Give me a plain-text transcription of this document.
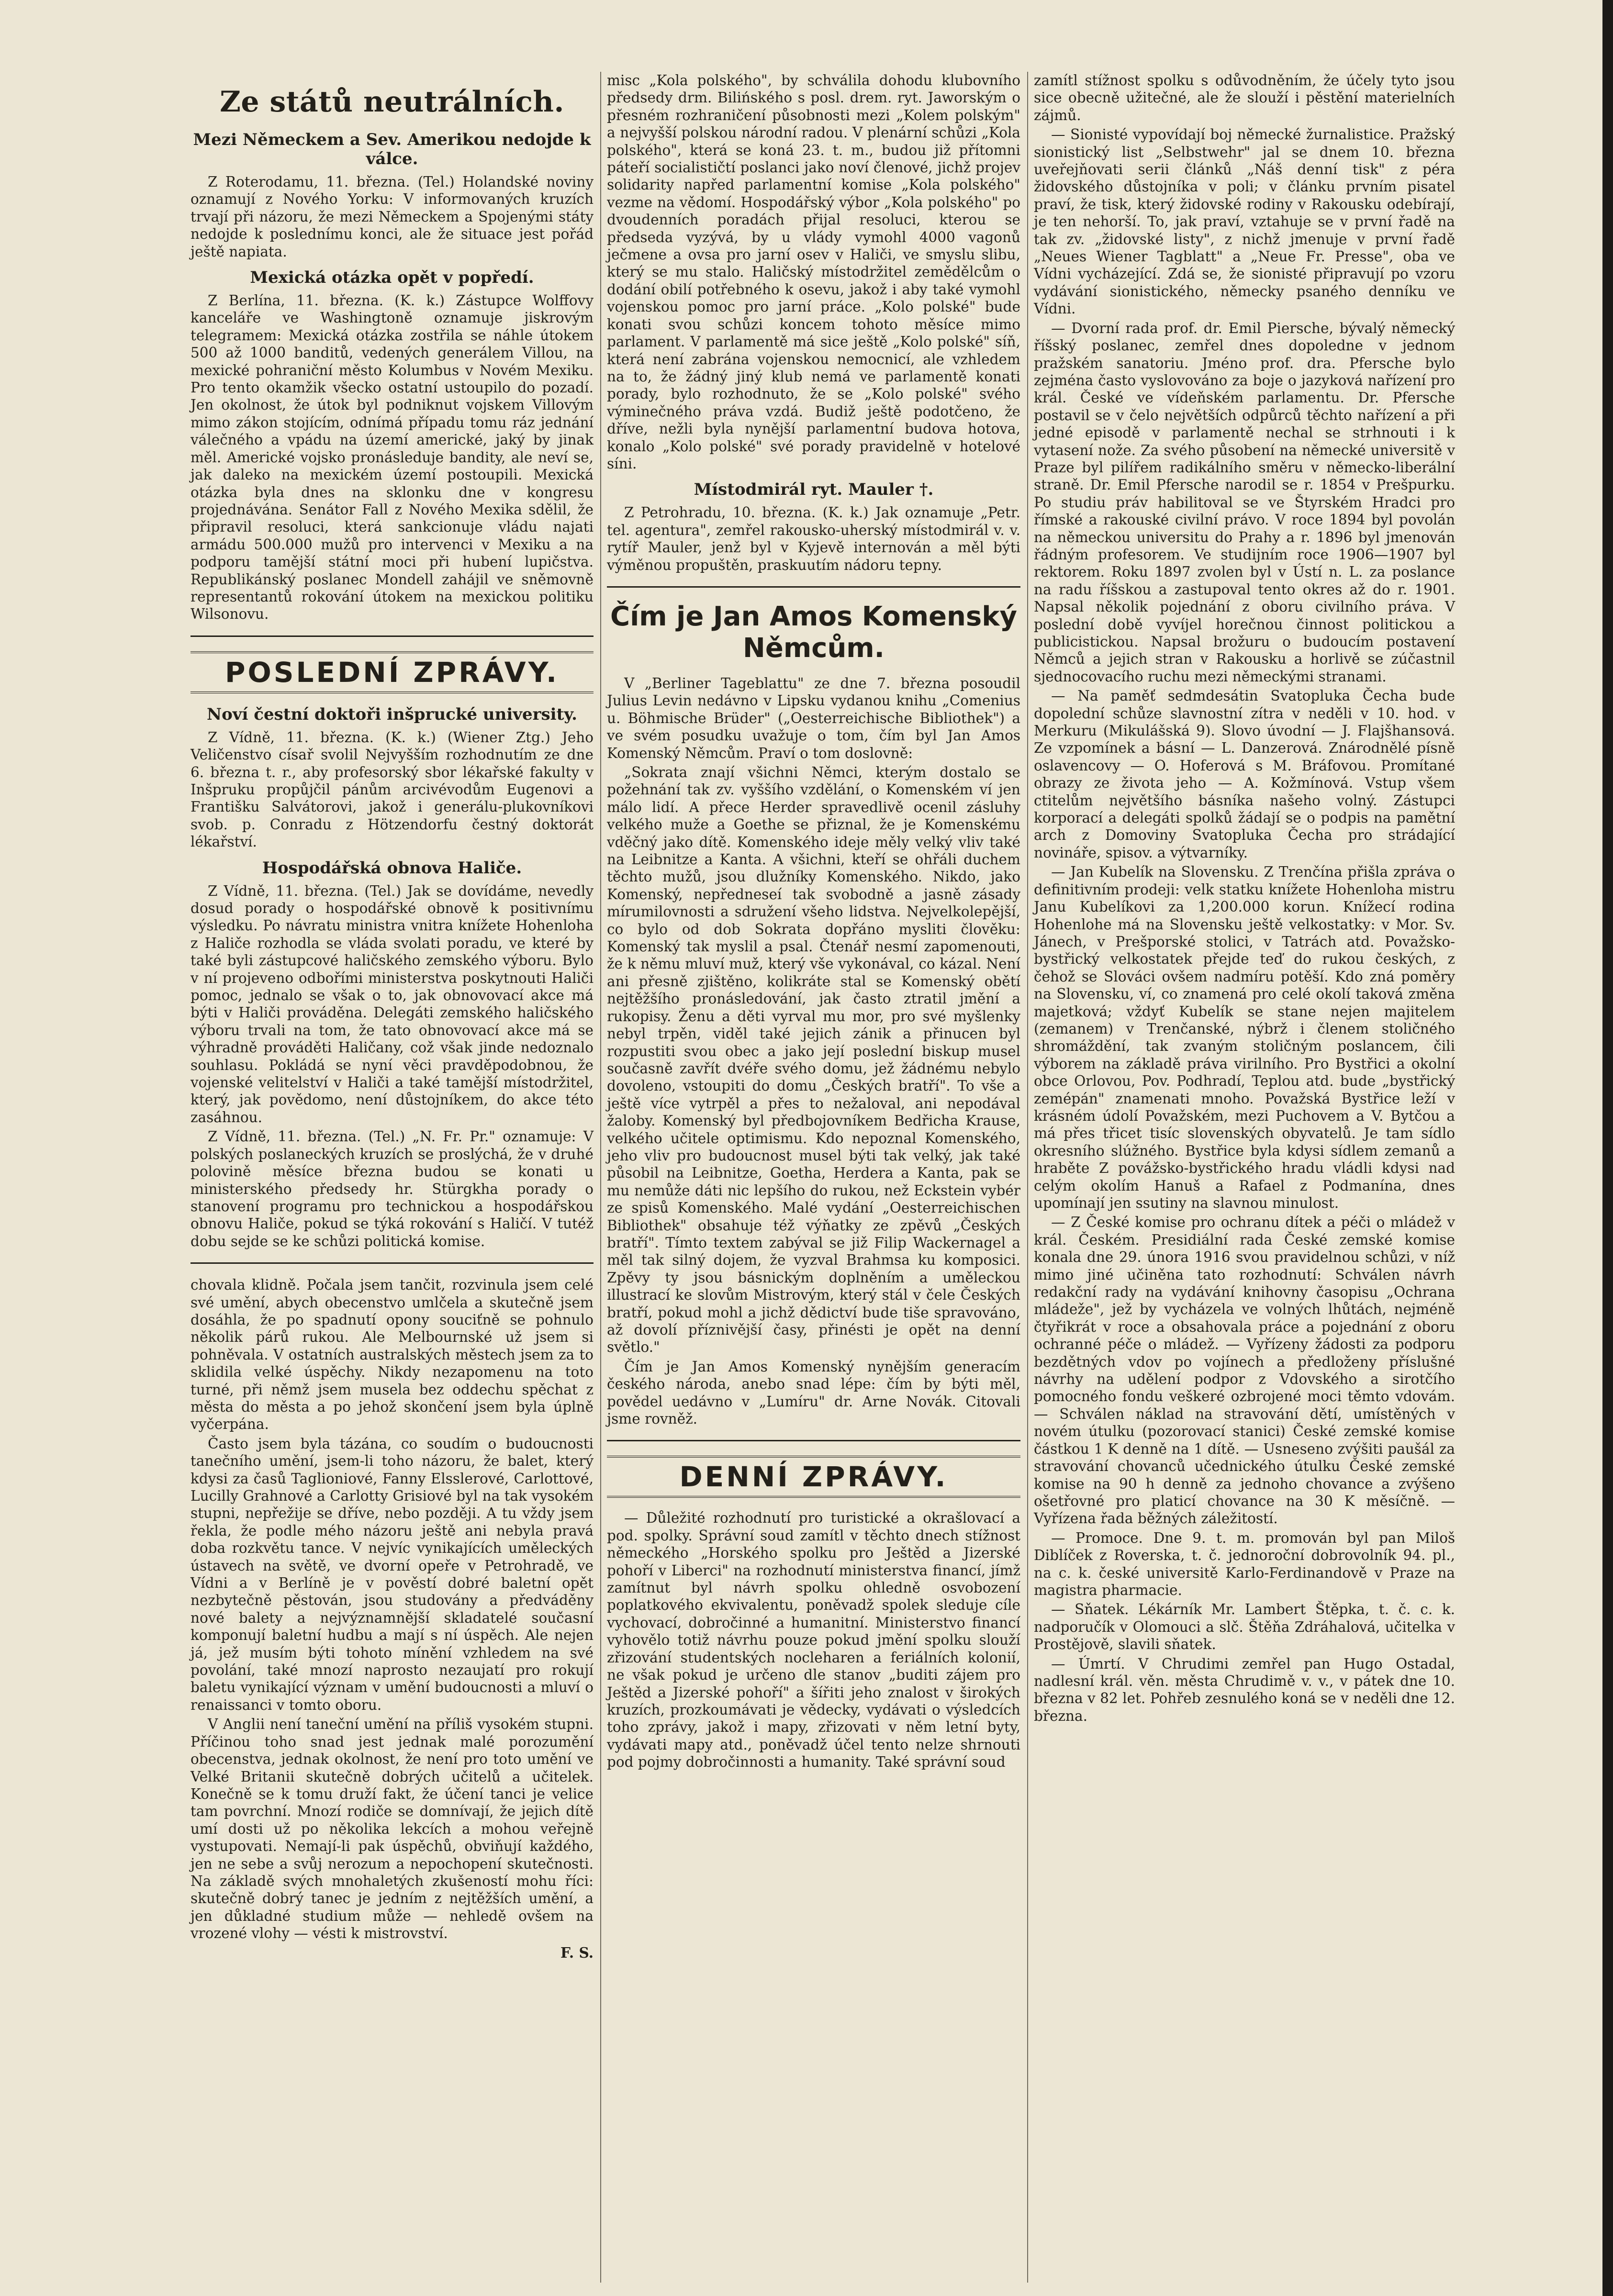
Ze států neutrálních.
Mezi Německem a Sev. Amerikou nedojde k válce.

Z Roterodamu, 11. března. (Tel.) Holandské noviny oznamují z Nového Yorku: V informovaných kruzích trvají při názoru, že mezi Německem a Spojenými státy nedojde k poslednímu konci, ale že situace jest pořád ještě napiata.

Mexická otázka opět v popředí.

Z Berlína, 11. března. (K. k.) Zástupce Wolffovy kanceláře ve Washingtoně oznamuje jiskrovým telegramem: Mexická otázka zostřila se náhle útokem 500 až 1000 banditů, vedených generálem Villou, na mexické pohraniční město Kolumbus v Novém Mexiku. Pro tento okamžik všecko ostatní ustoupilo do pozadí. Jen okolnost, že útok byl podniknut vojskem Villovým mimo zákon stojícím, odnímá případu tomu ráz jednání válečného a vpádu na území americké, jaký by jinak měl. Americké vojsko pronásleduje bandity, ale neví se, jak daleko na mexickém území postoupili. Mexická otázka byla dnes na sklonku dne v kongresu projednávána. Senátor Fall z Nového Mexika sdělil, že připravil resoluci, která sankcionuje vládu najati armádu 500.000 mužů pro intervenci v Mexiku a na podporu tamější státní moci při hubení lupičstva. Republikánský poslanec Mondell zahájil ve sněmovně representantů rokování útokem na mexickou politiku Wilsonovu.

POSLEDNÍ ZPRÁVY.
Noví čestní doktoři inšprucké university.

Z Vídně, 11. března. (K. k.) (Wiener Ztg.) Jeho Veličenstvo císař svolil Nejvyšším rozhodnutím ze dne 6. března t. r., aby profesorský sbor lékařské fakulty v Inšpruku propůjčil pánům arcivévodům Eugenovi a Františku Salvátorovi, jakož i generálu-plukovníkovi svob. p. Conradu z Hötzendorfu čestný doktorát lékařství.

Hospodářská obnova Haliče.

Z Vídně, 11. března. (Tel.) Jak se dovídáme, nevedly dosud porady o hospodářské obnově k positivnímu výsledku. Po návratu ministra vnitra knížete Hohenloha z Haliče rozhodla se vláda svolati poradu, ve které by také byli zástupcové haličského zemského výboru. Bylo v ní projeveno odbořími ministerstva poskytnouti Haliči pomoc, jednalo se však o to, jak obnovovací akce má býti v Haliči prováděna. Delegáti zemského haličského výboru trvali na tom, že tato obnovovací akce má se výhradně prováděti Haličany, což však jinde nedoznalo souhlasu. Pokládá se nyní věci pravděpodobnou, že vojenské velitelství v Haliči a také tamější místodržitel, který, jak povědomo, není důstojníkem, do akce této zasáhnou.

Z Vídně, 11. března. (Tel.) „N. Fr. Pr." oznamuje: V polských poslaneckých kruzích se proslýchá, že v druhé polovině měsíce března budou se konati u ministerského předsedy hr. Stürgkha porady o stanovení programu pro technickou a hospodářskou obnovu Haliče, pokud se týká rokování s Haličí. V tutéž dobu sejde se ke schůzi politická komise.

chovala klidně. Počala jsem tančit, rozvinula jsem celé své umění, abych obecenstvo umlčela a skutečně jsem dosáhla, že po spadnutí opony souciťně se pohnulo několik párů rukou. Ale Melbournské už jsem si pohněvala. V ostatních australských městech jsem za to sklidila velké úspěchy. Nikdy nezapomenu na toto turné, při němž jsem musela bez oddechu spěchat z města do města a po jehož skončení jsem byla úplně vyčerpána.

Často jsem byla tázána, co soudím o budoucnosti tanečního umění, jsem-li toho názoru, že balet, který kdysi za časů Taglioniové, Fanny Elsslerové, Carlottové, Lucilly Grahnové a Carlotty Grisiové byl na tak vysokém stupni, nepřežije se dříve, nebo později. A tu vždy jsem řekla, že podle mého názoru ještě ani nebyla pravá doba rozkvětu tance. V nejvíc vynikajících uměleckých ústavech na světě, ve dvorní opeře v Petrohradě, ve Vídni a v Berlíně je v pověstí dobré baletní opět nezbytečně pěstován, jsou studovány a předváděny nové balety a nejvýznamnější skladatelé současní komponují baletní hudbu a mají s ní úspěch. Ale nejen já, jež musím býti tohoto mínění vzhledem na své povolání, také mnozí naprosto nezaujatí pro rokují baletu vynikající význam v umění budoucnosti a mluví o renaissanci v tomto oboru.

V Anglii není taneční umění na příliš vysokém stupni. Příčinou toho snad jest jednak malé porozumění obecenstva, jednak okolnost, že není pro toto umění ve Velké Britanii skutečně dobrých učitelů a učitelek. Konečně se k tomu druží fakt, že účení tanci je velice tam povrchní. Mnozí rodiče se domnívají, že jejich dítě umí dosti už po několika lekcích a mohou veřejně vystupovati. Nemají-li pak úspěchů, obviňují každého, jen ne sebe a svůj nerozum a nepochopení skutečnosti. Na základě svých mnohaletých zkušeností mohu říci: skutečně dobrý tanec je jedním z nejtěžších umění, a jen důkladné studium může — nehledě ovšem na vrozené vlohy — vésti k mistrovství.

F. S.

misc „Kola polského", by schválila dohodu klubovního předsedy drm. Bilińského s posl. drem. ryt. Jaworským o přesném rozhraničení působnosti mezi „Kolem polským" a nejvyšší polskou národní radou. V plenární schůzi „Kola polského", která se koná 23. t. m., budou již přítomni páteří socialističtí poslanci jako noví členové, jichž projev solidarity napřed parlamentní komise „Kola polského" vezme na vědomí. Hospodářský výbor „Kola polského" po dvoudenních poradách přijal resoluci, kterou se předseda vyzývá, by u vlády vymohl 4000 vagonů ječmene a ovsa pro jarní osev v Haliči, ve smyslu slibu, který se mu stalo. Haličský místodržitel zemědělcům o dodání obilí potřebného k osevu, jakož i aby také vymohl vojenskou pomoc pro jarní práce. „Kolo polské" bude konati svou schůzi koncem tohoto měsíce mimo parlament. V parlamentě má sice ještě „Kolo polské" síň, která není zabrána vojenskou nemocnicí, ale vzhledem na to, že žádný jiný klub nemá ve parlamentě konati porady, bylo rozhodnuto, že se „Kolo polské" svého výminečného práva vzdá. Budiž ještě podotčeno, že dříve, nežli byla nynější parlamentní budova hotova, konalo „Kolo polské" své porady pravidelně v hotelové síni.

Místodmirál ryt. Mauler †.

Z Petrohradu, 10. března. (K. k.) Jak oznamuje „Petr. tel. agentura", zemřel rakousko-uherský místodmirál v. v. rytíř Mauler, jenž byl v Kyjevě internován a měl býti výměnou propuštěn, praskuutím nádoru tepny.

Čím je Jan Amos Komenský Němcům.

V „Berliner Tageblattu" ze dne 7. března posoudil Julius Levin nedávno v Lipsku vydanou knihu „Comenius u. Böhmische Brüder" („Oesterreichische Bibliothek") a ve svém posudku uvažuje o tom, čím byl Jan Amos Komenský Němcům. Praví o tom doslovně:

„Sokrata znají všichni Němci, kterým dostalo se požehnání tak zv. vyššího vzdělání, o Komenském ví jen málo lidí. A přece Herder spravedlivě ocenil zásluhy velkého muže a Goethe se přiznal, že je Komenskému vděčný jako dítě. Komenského ideje měly velký vliv také na Leibnitze a Kanta. A všichni, kteří se ohřáli duchem těchto mužů, jsou dlužníky Komenského. Nikdo, jako Komenský, nepředneseí tak svobodně a jasně zásady mírumilovnosti a sdružení všeho lidstva. Nejvelkolepější, co bylo od dob Sokrata dopřáno mysliti člověku: Komenský tak myslil a psal. Čtenář nesmí zapomenouti, že k němu mluví muž, který vše vykonával, co kázal. Není ani přesně zjištěno, kolikráte stal se Komenský obětí nejtěžšího pronásledování, jak často ztratil jmění a rukopisy. Ženu a děti vyrval mu mor, pro své myšlenky nebyl trpěn, viděl také jejich zánik a přinucen byl rozpustiti svou obec a jako její poslední biskup musel současně zavřít dvéře svého domu, jež žádnému nebylo dovoleno, vstoupiti do domu „Českých bratří". To vše a ještě více vytrpěl a přes to nežaloval, ani nepodával žaloby. Komenský byl předbojovníkem Bedřicha Krause, velkého učitele optimismu. Kdo nepoznal Komenského, jeho vliv pro budoucnost musel býti tak velký, jak také působil na Leibnitze, Goetha, Herdera a Kanta, pak se mu nemůže dáti nic lepšího do rukou, než Eckstein vybér ze spisů Komenského. Malé vydání „Oesterreichischen Bibliothek" obsahuje též výňatky ze zpěvů „Českých bratří". Tímto textem zabýval se již Filip Wackernagel a měl tak silný dojem, že vyzval Brahmsa ku komposici. Zpěvy ty jsou básnickým doplněním a uměleckou illustrací ke slovům Mistrovým, který stál v čele Českých bratří, pokud mohl a jichž dědictví bude tiše spravováno, až dovolí příznivější časy, přinésti je opět na denní světlo."

Čím je Jan Amos Komenský nynějším generacím českého národa, anebo snad lépe: čím by býti měl, povědel uedávno v „Lumíru" dr. Arne Novák. Citovali jsme rovněž.

DENNÍ ZPRÁVY.

— Důležité rozhodnutí pro turistické a okrašlovací a pod. spolky. Správní soud zamítl v těchto dnech stížnost německého „Horského spolku pro Ještěd a Jizerské pohoří v Liberci" na rozhodnutí ministerstva financí, jímž zamítnut byl návrh spolku ohledně osvobození poplatkového ekvivalentu, poněvadž spolek sleduje cíle vychovací, dobročinné a humanitní. Ministerstvo financí vyhovělo totiž návrhu pouze pokud jmění spolku slouží zřizování studentských nocleharen a feriálních kolonií, ne však pokud je určeno dle stanov „buditi zájem pro Ještěd a Jizerské pohoří" a šířiti jeho znalost v širokých kruzích, prozkoumávati je vědecky, vydávati o výsledcích toho zprávy, jakož i mapy, zřizovati v něm letní byty, vydávati mapy atd., poněvadž účel tento nelze shrnouti pod pojmy dobročinnosti a humanity. Také správní soud

zamítl stížnost spolku s odůvodněním, že účely tyto jsou sice obecně užitečné, ale že slouží i pěstění materielních zájmů.

— Sionisté vypovídají boj německé žurnalistice. Pražský sionistický list „Selbstwehr" jal se dnem 10. března uveřejňovati serii článků „Náš denní tisk" z péra židovského důstojníka v poli; v článku prvním pisatel praví, že tisk, který židovské rodiny v Rakousku odebírají, je ten nehorší. To, jak praví, vztahuje se v první řadě na tak zv. „židovské listy", z nichž jmenuje v první řadě „Neues Wiener Tagblatt" a „Neue Fr. Presse", oba ve Vídni vycházející. Zdá se, že sionisté připravují po vzoru vydávání sionistického, německy psaného denníku ve Vídni.

— Dvorní rada prof. dr. Emil Piersche, bývalý německý říšský poslanec, zemřel dnes dopoledne v jednom pražském sanatoriu. Jméno prof. dra. Pfersche bylo zejména často vyslovováno za boje o jazyková nařízení pro král. České ve vídeňském parlamentu. Dr. Pfersche postavil se v čelo největších odpůrců těchto nařízení a při jedné episodě v parlamentě nechal se strhnouti i k vytasení nože. Za svého působení na německé universitě v Praze byl pilířem radikálního směru v německo-liberální straně. Dr. Emil Pfersche narodil se r. 1854 v Prešpurku. Po studiu práv habilitoval se ve Štyrském Hradci pro římské a rakouské civilní právo. V roce 1894 byl povolán na německou universitu do Prahy a r. 1896 byl jmenován řádným profesorem. Ve studijním roce 1906—1907 byl rektorem. Roku 1897 zvolen byl v Ústí n. L. za poslance na radu říšskou a zastupoval tento okres až do r. 1901. Napsal několik pojednání z oboru civilního práva. V poslední době vyvíjel horečnou činnost politickou a publicistickou. Napsal brožuru o budoucím postavení Němců a jejich stran v Rakousku a horlivě se zúčastnil sjednocovacího ruchu mezi německými stranami.

— Na paměť sedmdesátin Svatopluka Čecha bude dopolední schůze slavnostní zítra v neděli v 10. hod. v Merkuru (Mikulášská 9). Slovo úvodní — J. Flajšhansová. Ze vzpomínek a básní — L. Danzerová. Znárodnělé písně oslavencovy — O. Hoferová s M. Bráfovou. Promítané obrazy ze života jeho — A. Kožmínová. Vstup všem ctitelům největšího básníka našeho volný. Zástupci korporací a delegáti spolků žádají se o podpis na pamětní arch z Domoviny Svatopluka Čecha pro strádající novináře, spisov. a výtvarníky.

— Jan Kubelík na Slovensku. Z Trenčína přišla zpráva o definitivním prodeji: velk statku knížete Hohenloha mistru Janu Kubelíkovi za 1,200.000 korun. Knížecí rodina Hohenlohe má na Slovensku ještě velkostatky: v Mor. Sv. Jánech, v Prešporské stolici, v Tatrách atd. Považsko-bystřický velkostatek přejde teď do rukou českých, z čehož se Slováci ovšem nadmíru potěší. Kdo zná poměry na Slovensku, ví, co znamená pro celé okolí taková změna majetková; vždyť Kubelík se stane nejen majitelem (zemanem) v Trenčanské, nýbrž i členem stoličného shromáždění, tak zvaným stoličným poslancem, čili výborem na základě práva virilního. Pro Bystřici a okolní obce Orlovou, Pov. Podhradí, Teplou atd. bude „bystřický zemépán" znamenati mnoho. Považská Bystřice leží v krásném údolí Považském, mezi Puchovem a V. Bytčou a má přes třicet tisíc slovenských obyvatelů. Je tam sídlo okresního slúžného. Bystřice byla kdysi sídlem zemanů a hraběte Z povážsko-bystřického hradu vládli kdysi nad celým okolím Hanuš a Rafael z Podmanína, dnes upomínají jen ssutiny na slavnou minulost.

— Z České komise pro ochranu dítek a péči o mládež v král. Českém. Presidiální rada České zemské komise konala dne 29. února 1916 svou pravidelnou schůzi, v níž mimo jiné učiněna tato rozhodnutí: Schválen návrh redakční rady na vydávání knihovny časopisu „Ochrana mládeže", jež by vycházela ve volných lhůtách, nejméně čtyřikrát v roce a obsahovala práce a pojednání z oboru ochranné péče o mládež. — Vyřízeny žádosti za podporu bezdětných vdov po vojínech a předloženy příslušné návrhy na udělení podpor z Vdovského a sirotčího pomocného fondu veškeré ozbrojené moci těmto vdovám. — Schválen náklad na stravování dětí, umístěných v novém útulku (pozorovací stanici) České zemské komise částkou 1 K denně na 1 dítě. — Usneseno zvýšiti paušál za stravování chovanců učednického útulku České zemské komise na 90 h denně za jednoho chovance a zvýšeno ošetřovné pro platicí chovance na 30 K měsíčně. — Vyřízena řada běžných záležitostí.

— Promoce. Dne 9. t. m. promován byl pan Miloš Diblíček z Roverska, t. č. jednoroční dobrovolník 94. pl., na c. k. české universitě Karlo-Ferdinandově v Praze na magistra pharmacie.

— Sňatek. Lékárník Mr. Lambert Štěpka, t. č. c. k. nadporučík v Olomouci a slč. Štěňa Zdráhalová, učitelka v Prostějově, slavili sňatek.

— Úmrtí. V Chrudimi zemřel pan Hugo Ostadal, nadlesní král. věn. města Chrudimě v. v., v pátek dne 10. března v 82 let. Pohřeb zesnulého koná se v neděli dne 12. března.
